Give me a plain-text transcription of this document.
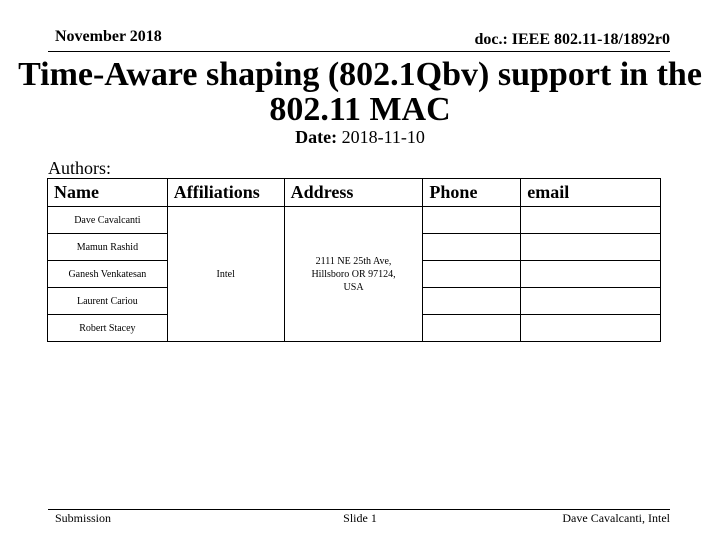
November 2018	doc.: IEEE 802.11-18/1892r0
Time-Aware shaping (802.1Qbv) support in the 802.11 MAC
Date: 2018-11-10
Authors:
Name	Affiliations	Address	Phone	email
Dave Cavalcanti	Intel	2111 NE 25th Ave,
Hillsboro OR 97124,
USA		

Mamun Rashid				
Ganesh Venkatesan				
Laurent Cariou				
Robert Stacey				
Submission	Slide 1	Dave Cavalcanti, Intel
